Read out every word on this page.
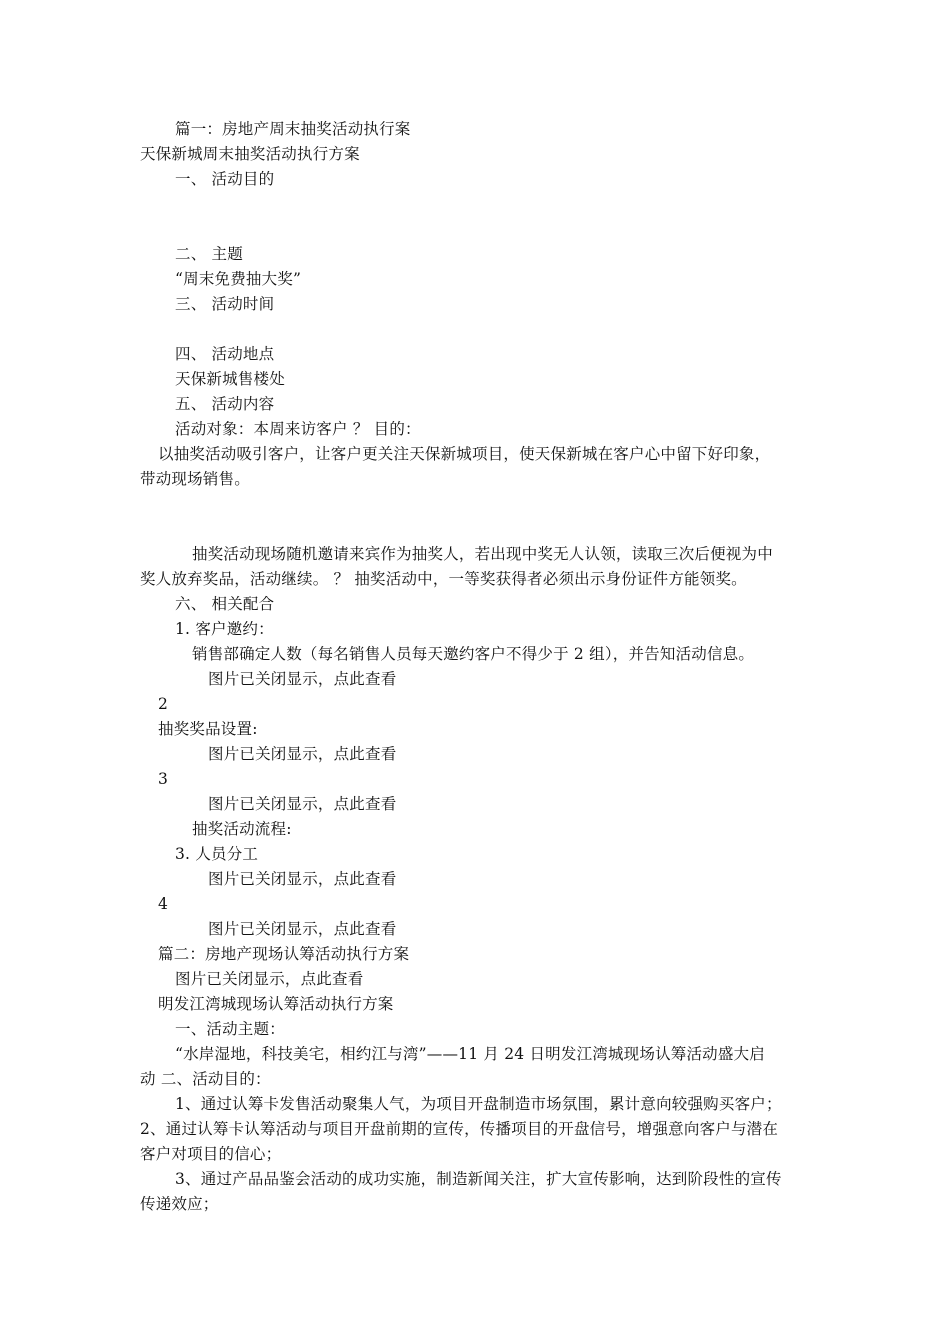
篇一：房地产周末抽奖活动执行案
天保新城周末抽奖活动执行方案
一、 活动目的
二、 主题
“周末免费抽大奖”
三、 活动时间
四、 活动地点
天保新城售楼处
五、 活动内容
活动对象：本周来访客户 ？ 目的：
以抽奖活动吸引客户，让客户更关注天保新城项目，使天保新城在客户心中留下好印象，
带动现场销售。
抽奖活动现场随机邀请来宾作为抽奖人，若出现中奖无人认领，读取三次后便视为中
奖人放弃奖品，活动继续。 ？ 抽奖活动中，一等奖获得者必须出示身份证件方能领奖。
六、 相关配合
1. 客户邀约：
销售部确定人数（每名销售人员每天邀约客户不得少于 2 组），并告知活动信息。
图片已关闭显示，点此查看
2
抽奖奖品设置:
图片已关闭显示，点此查看
3
图片已关闭显示，点此查看
抽奖活动流程:
3. 人员分工
图片已关闭显示，点此查看
4
图片已关闭显示，点此查看
篇二：房地产现场认筹活动执行方案
图片已关闭显示，点此查看
明发江湾城现场认筹活动执行方案
一、活动主题：
“水岸湿地，科技美宅，相约江与湾”——11 月 24 日明发江湾城现场认筹活动盛大启
动 二、活动目的：
1、通过认筹卡发售活动聚集人气，为项目开盘制造市场氛围，累计意向较强购买客户；
2、通过认筹卡认筹活动与项目开盘前期的宣传，传播项目的开盘信号，增强意向客户与潜在
客户对项目的信心；
3、通过产品品鉴会活动的成功实施，制造新闻关注，扩大宣传影响，达到阶段性的宣传
传递效应；
